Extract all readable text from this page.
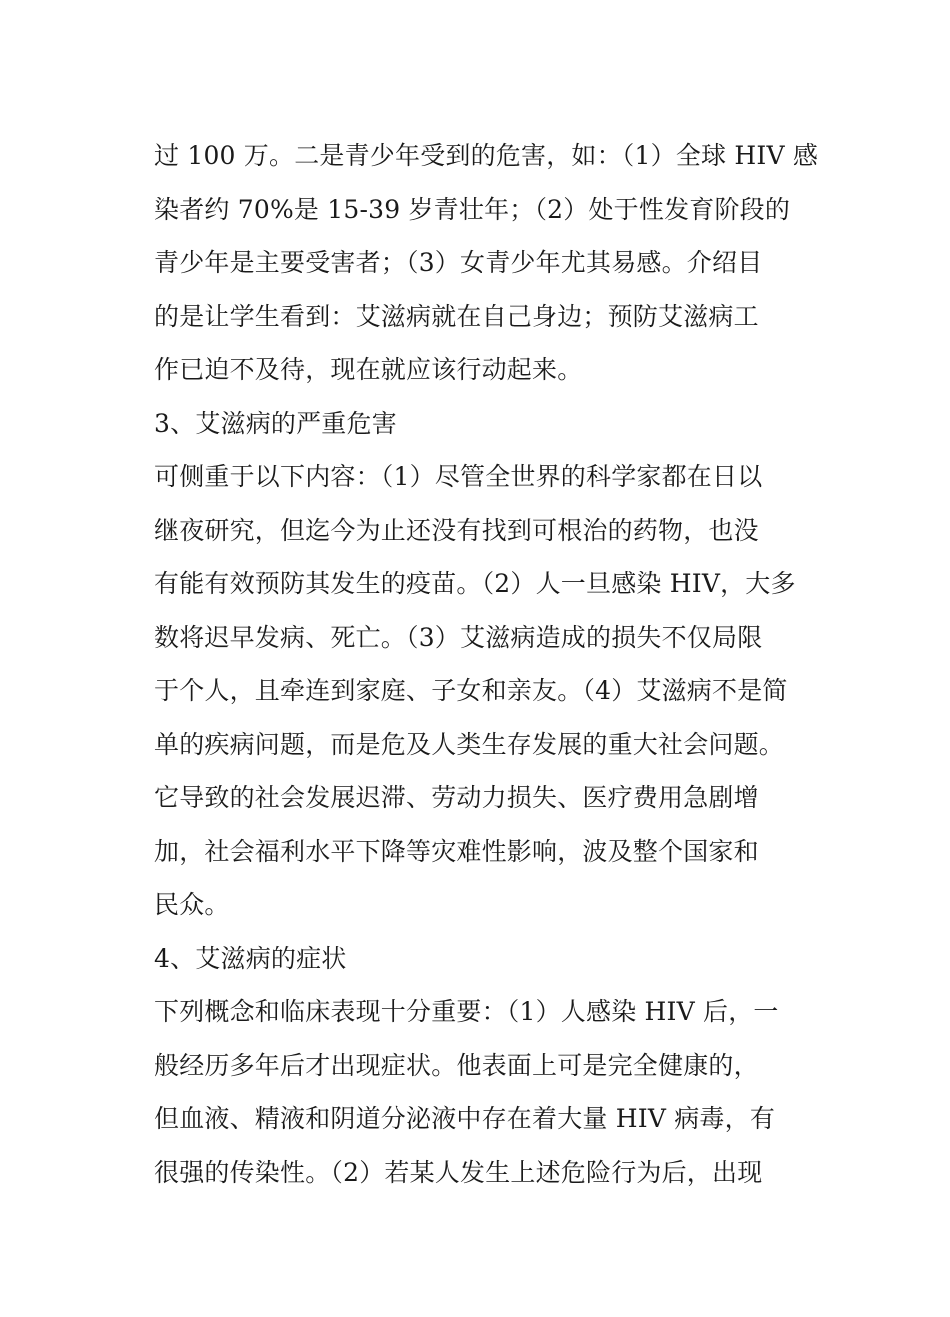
过 100 万。二是青少年受到的危害，如：（1）全球 HIV 感
染者约 70%是 15-39 岁青壮年；（2）处于性发育阶段的
青少年是主要受害者；（3）女青少年尤其易感。介绍目
的是让学生看到：艾滋病就在自己身边；预防艾滋病工
作已迫不及待，现在就应该行动起来。
3、艾滋病的严重危害
可侧重于以下内容：（1）尽管全世界的科学家都在日以
继夜研究，但迄今为止还没有找到可根治的药物，也没
有能有效预防其发生的疫苗。（2）人一旦感染 HIV，大多
数将迟早发病、死亡。（3）艾滋病造成的损失不仅局限
于个人，且牵连到家庭、子女和亲友。（4）艾滋病不是简
单的疾病问题，而是危及人类生存发展的重大社会问题。
它导致的社会发展迟滞、劳动力损失、医疗费用急剧增
加，社会福利水平下降等灾难性影响，波及整个国家和
民众。
4、艾滋病的症状
下列概念和临床表现十分重要：（1）人感染 HIV 后，一
般经历多年后才出现症状。他表面上可是完全健康的，
但血液、精液和阴道分泌液中存在着大量 HIV 病毒，有
很强的传染性。（2）若某人发生上述危险行为后，出现
